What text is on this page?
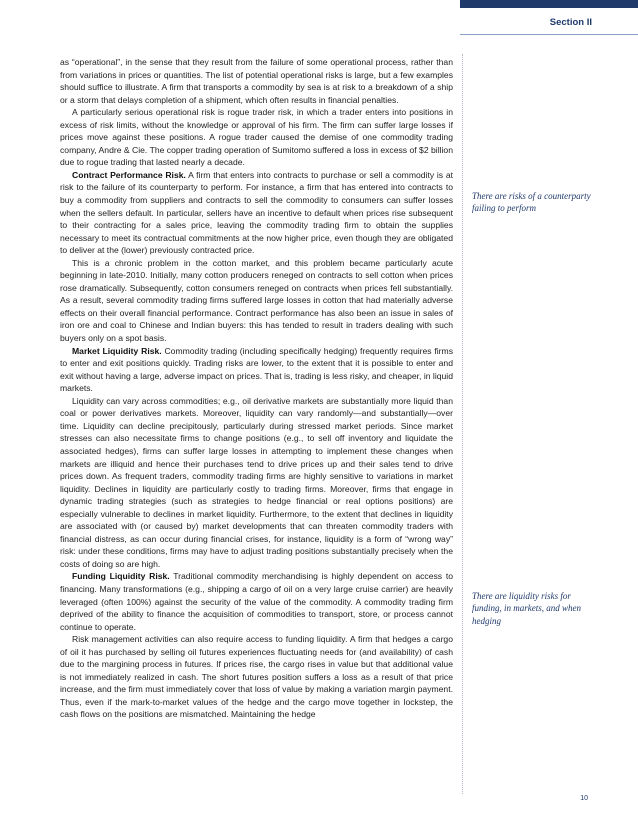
Section II

as “operational”, in the sense that they result from the failure of some operational process, rather than from variations in prices or quantities. The list of potential operational risks is large, but a few examples should suffice to illustrate. A firm that transports a commodity by sea is at risk to a breakdown of a ship or a storm that delays completion of a shipment, which often results in financial penalties.

A particularly serious operational risk is rogue trader risk, in which a trader enters into positions in excess of risk limits, without the knowledge or approval of his firm. The firm can suffer large losses if prices move against these positions. A rogue trader caused the demise of one commodity trading company, Andre & Cie. The copper trading operation of Sumitomo suffered a loss in excess of $2 billion due to rogue trading that lasted nearly a decade.

Contract Performance Risk. A firm that enters into contracts to purchase or sell a commodity is at risk to the failure of its counterparty to perform. For instance, a firm that has entered into contracts to buy a commodity from suppliers and contracts to sell the commodity to consumers can suffer losses when the sellers default. In particular, sellers have an incentive to default when prices rise subsequent to their contracting for a sales price, leaving the commodity trading firm to obtain the supplies necessary to meet its contractual commitments at the now higher price, even though they are obligated to deliver at the (lower) previously contracted price.

This is a chronic problem in the cotton market, and this problem became particularly acute beginning in late-2010. Initially, many cotton producers reneged on contracts to sell cotton when prices rose dramatically. Subsequently, cotton consumers reneged on contracts when prices fell substantially. As a result, several commodity trading firms suffered large losses in cotton that had materially adverse effects on their overall financial performance. Contract performance has also been an issue in sales of iron ore and coal to Chinese and Indian buyers: this has tended to result in traders dealing with such buyers only on a spot basis.

Market Liquidity Risk. Commodity trading (including specifically hedging) frequently requires firms to enter and exit positions quickly. Trading risks are lower, to the extent that it is possible to enter and exit without having a large, adverse impact on prices. That is, trading is less risky, and cheaper, in liquid markets.

Liquidity can vary across commodities; e.g., oil derivative markets are substantially more liquid than coal or power derivatives markets. Moreover, liquidity can vary randomly—and substantially—over time. Liquidity can decline precipitously, particularly during stressed market periods. Since market stresses can also necessitate firms to change positions (e.g., to sell off inventory and liquidate the associated hedges), firms can suffer large losses in attempting to implement these changes when markets are illiquid and hence their purchases tend to drive prices up and their sales tend to drive prices down. As frequent traders, commodity trading firms are highly sensitive to variations in market liquidity. Declines in liquidity are particularly costly to trading firms. Moreover, firms that engage in dynamic trading strategies (such as strategies to hedge financial or real options positions) are especially vulnerable to declines in market liquidity. Furthermore, to the extent that declines in liquidity are associated with (or caused by) market developments that can threaten commodity traders with financial distress, as can occur during financial crises, for instance, liquidity is a form of “wrong way” risk: under these conditions, firms may have to adjust trading positions substantially precisely when the costs of doing so are high.

Funding Liquidity Risk. Traditional commodity merchandising is highly dependent on access to financing. Many transformations (e.g., shipping a cargo of oil on a very large cruise carrier) are heavily leveraged (often 100%) against the security of the value of the commodity. A commodity trading firm deprived of the ability to finance the acquisition of commodities to transport, store, or process cannot continue to operate.

Risk management activities can also require access to funding liquidity. A firm that hedges a cargo of oil it has purchased by selling oil futures experiences fluctuating needs for (and availability) of cash due to the margining process in futures. If prices rise, the cargo rises in value but that additional value is not immediately realized in cash. The short futures position suffers a loss as a result of that price increase, and the firm must immediately cover that loss of value by making a variation margin payment. Thus, even if the mark-to-market values of the hedge and the cargo move together in lockstep, the cash flows on the positions are mismatched. Maintaining the hedge

There are risks of a counterparty failing to perform
There are liquidity risks for funding, in markets, and when hedging
10
